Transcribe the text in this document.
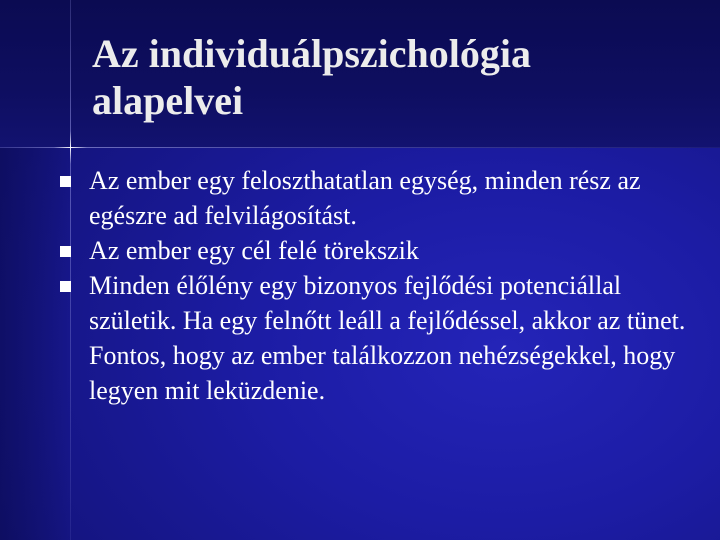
Az individuálpszichológia
alapelvei
Az ember egy feloszthatatlan egység, minden rész az egészre ad felvilágosítást.
Az ember egy cél felé törekszik
Minden élőlény egy bizonyos fejlődési potenciállal születik. Ha egy felnőtt leáll a fejlődéssel, akkor az tünet. Fontos, hogy az ember találkozzon nehézségekkel, hogy legyen mit leküzdenie.
